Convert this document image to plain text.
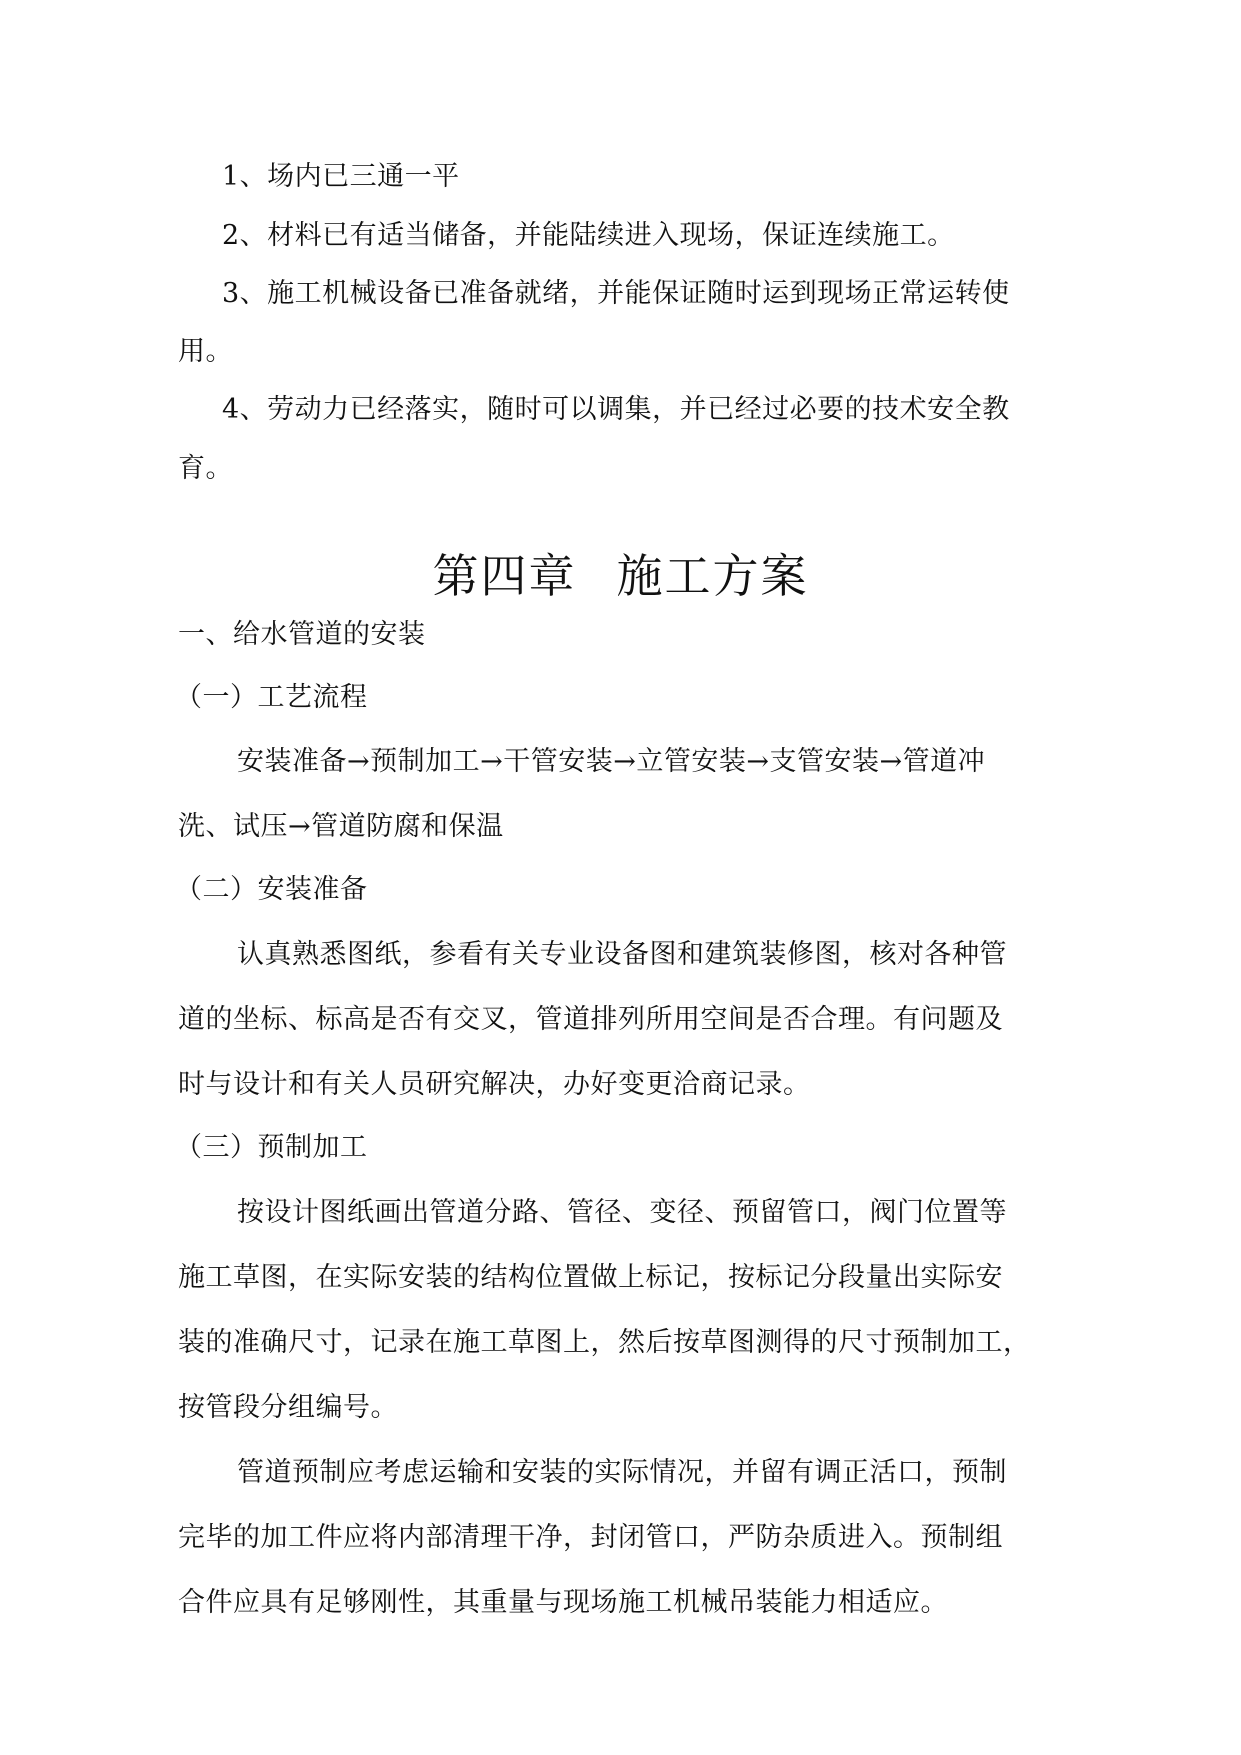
1、场内已三通一平
2、材料已有适当储备，并能陆续进入现场，保证连续施工。
3、施工机械设备已准备就绪，并能保证随时运到现场正常运转使
用。
4、劳动力已经落实，随时可以调集，并已经过必要的技术安全教
育。
第四章 施工方案
一、给水管道的安装
（一）工艺流程
安装准备→预制加工→干管安装→立管安装→支管安装→管道冲
洗、试压→管道防腐和保温
（二）安装准备
认真熟悉图纸，参看有关专业设备图和建筑装修图，核对各种管
道的坐标、标高是否有交叉，管道排列所用空间是否合理。有问题及
时与设计和有关人员研究解决，办好变更洽商记录。
（三）预制加工
按设计图纸画出管道分路、管径、变径、预留管口，阀门位置等
施工草图，在实际安装的结构位置做上标记，按标记分段量出实际安
装的准确尺寸，记录在施工草图上，然后按草图测得的尺寸预制加工，
按管段分组编号。
管道预制应考虑运输和安装的实际情况，并留有调正活口，预制
完毕的加工件应将内部清理干净，封闭管口，严防杂质进入。预制组
合件应具有足够刚性，其重量与现场施工机械吊装能力相适应。
